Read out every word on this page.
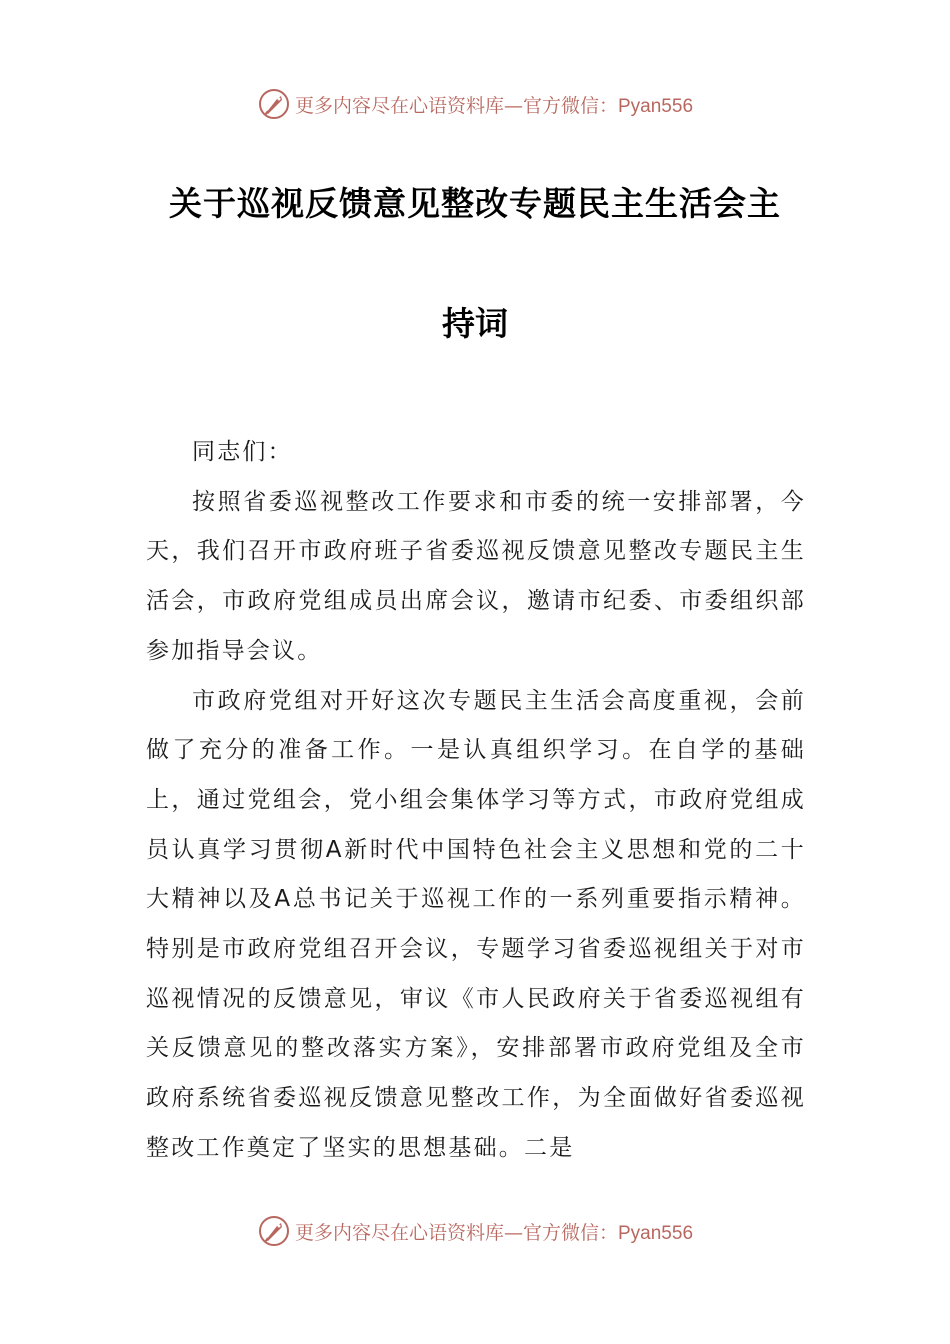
更多内容尽在心语资料库—官方微信：Pyan556
关于巡视反馈意见整改专题民主生活会主
持词

同志们：

按照省委巡视整改工作要求和市委的统一安排部署，今天，我们召开市政府班子省委巡视反馈意见整改专题民主生活会，市政府党组成员出席会议，邀请市纪委、市委组织部参加指导会议。

市政府党组对开好这次专题民主生活会高度重视，会前做了充分的准备工作。一是认真组织学习。在自学的基础上，通过党组会，党小组会集体学习等方式，市政府党组成员认真学习贯彻A新时代中国特色社会主义思想和党的二十大精神以及A总书记关于巡视工作的一系列重要指示精神。特别是市政府党组召开会议，专题学习省委巡视组关于对市巡视情况的反馈意见，审议《市人民政府关于省委巡视组有关反馈意见的整改落实方案》，安排部署市政府党组及全市政府系统省委巡视反馈意见整改工作，为全面做好省委巡视整改工作奠定了坚实的思想基础。二是

更多内容尽在心语资料库—官方微信：Pyan556
